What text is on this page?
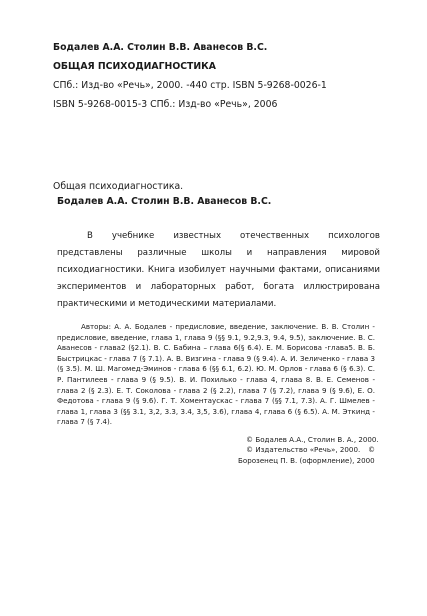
Бодалев А.А. Столин В.В. Аванесов В.С.
ОБЩАЯ ПСИХОДИАГНОСТИКА
СПб.: Изд-во «Речь», 2000. -440 стр. ISBN 5-9268-0026-1
ISBN 5-9268-0015-3 СПб.: Изд-во «Речь», 2006
Общая психодиагностика.
Бодалев А.А. Столин В.В. Аванесов В.С.

В учебнике известных отечественных психологов представлены различные школы и направления мировой психодиагностики. Книга изобилует научными фактами, описаниями экспериментов и лабораторных работ, богата иллюстрирована практическими и методическими материалами.

Авторы: А. А. Бодалев - предисловие, введение, заключение. В. В. Столин - предисловие, введение, глава 1, глава 9 (§§ 9.1, 9.2,9.3, 9.4, 9.5), заключение. В. С. Аванесов - глава2 (§2.1). В. С. Бабина – глава 6(§ 6.4). Е. М. Борисова -глава5. В. Б. Быстрицкас - глава 7 (§ 7.1). А. В. Визгина - глава 9 (§ 9.4). А. И. Зеличенко - глава 3 (§ 3.5). М. Ш. Магомед-Эминов - глава 6 (§§ 6.1, 6.2). Ю. М. Орлов - глава 6 (§ 6.3). С. Р. Пантилеев - глава 9 (§ 9.5). В. И. Похилько - глава 4, глава 8. В. Е. Семенов - глава 2 (§ 2.3). Е. Т. Соколова - глава 2 (§ 2.2), глава 7 (§ 7.2), глава 9 (§ 9.6), Е. О. Федотова - глава 9 (§ 9.6). Г. Т. Хоментаускас - глава 7 (§§ 7.1, 7.3). А. Г. Шмелев - глава 1, глава 3 (§§ 3.1, 3,2, 3.3, 3.4, 3,5, 3.6), глава 4, глава 6 (§ 6.5). А. М. Эткинд - глава 7 (§ 7.4).

© Бодалев А.А., Столин В. А., 2000.
© Издательство «Речь», 2000. ©
Борозенец П. В. (оформление), 2000
